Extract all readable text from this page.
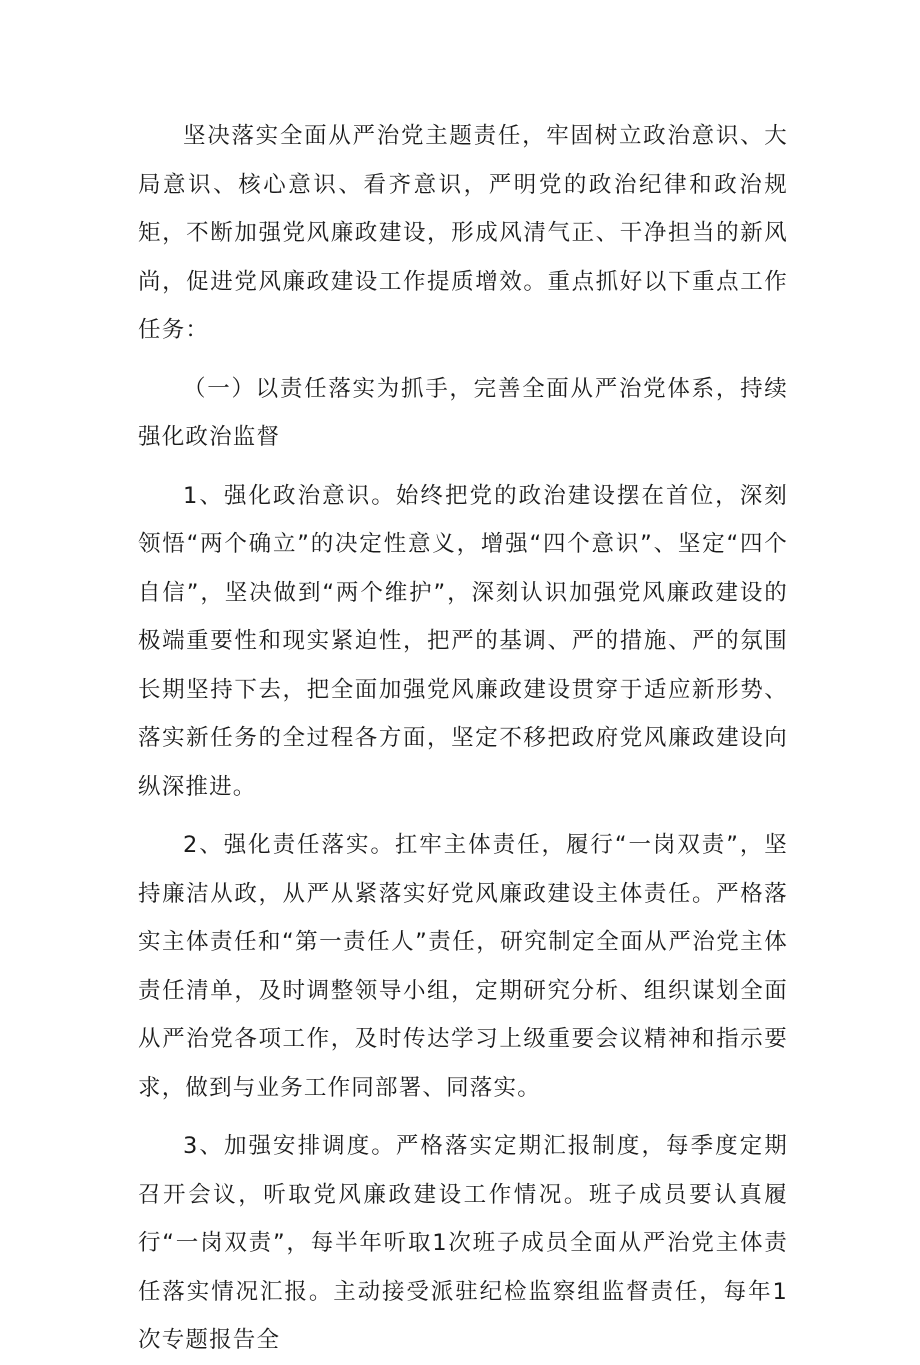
坚决落实全面从严治党主题责任，牢固树立政治意识、大局意识、核心意识、看齐意识，严明党的政治纪律和政治规矩，不断加强党风廉政建设，形成风清气正、干净担当的新风尚，促进党风廉政建设工作提质增效。重点抓好以下重点工作任务：

（一）以责任落实为抓手，完善全面从严治党体系，持续强化政治监督

1、强化政治意识。始终把党的政治建设摆在首位，深刻领悟“两个确立”的决定性意义，增强“四个意识”、坚定“四个自信”，坚决做到“两个维护”，深刻认识加强党风廉政建设的极端重要性和现实紧迫性，把严的基调、严的措施、严的氛围长期坚持下去，把全面加强党风廉政建设贯穿于适应新形势、落实新任务的全过程各方面，坚定不移把政府党风廉政建设向纵深推进。

2、强化责任落实。扛牢主体责任，履行“一岗双责”，坚持廉洁从政，从严从紧落实好党风廉政建设主体责任。严格落实主体责任和“第一责任人”责任，研究制定全面从严治党主体责任清单，及时调整领导小组，定期研究分析、组织谋划全面从严治党各项工作，及时传达学习上级重要会议精神和指示要求，做到与业务工作同部署、同落实。

3、加强安排调度。严格落实定期汇报制度，每季度定期召开会议，听取党风廉政建设工作情况。班子成员要认真履行“一岗双责”，每半年听取1次班子成员全面从严治党主体责任落实情况汇报。主动接受派驻纪检监察组监督责任，每年1次专题报告全
